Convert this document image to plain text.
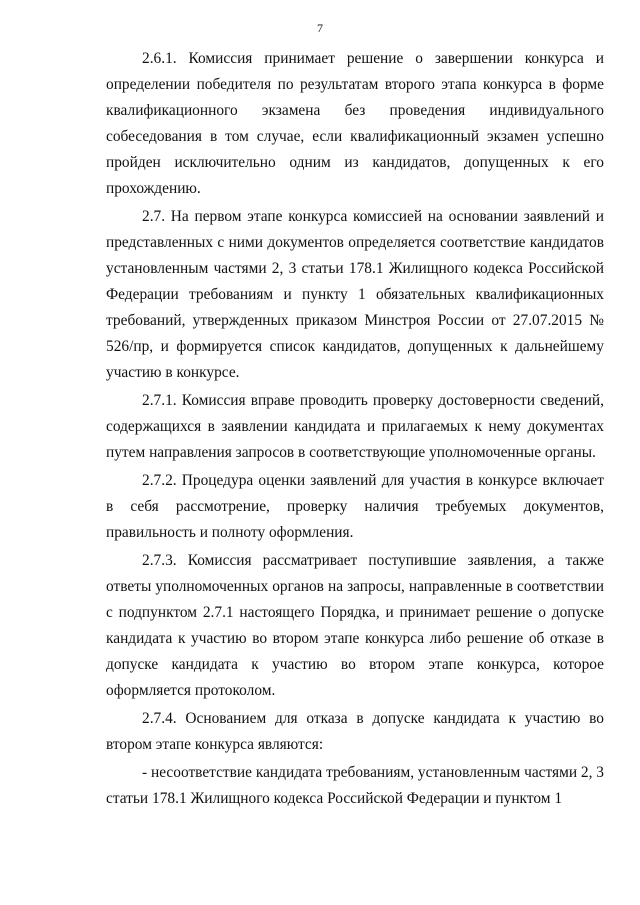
7

2.6.1. Комиссия принимает решение о завершении конкурса и определении победителя по результатам второго этапа конкурса в форме квалификационного экзамена без проведения индивидуального собеседования в том случае, если квалификационный экзамен успешно пройден исключительно одним из кандидатов, допущенных к его прохождению.

2.7. На первом этапе конкурса комиссией на основании заявлений и представленных с ними документов определяется соответствие кандидатов установленным частями 2, 3 статьи 178.1 Жилищного кодекса Российской Федерации требованиям и пункту 1 обязательных квалификационных требований, утвержденных приказом Минстроя России от 27.07.2015 № 526/пр, и формируется список кандидатов, допущенных к дальнейшему участию в конкурсе.

2.7.1. Комиссия вправе проводить проверку достоверности сведений, содержащихся в заявлении кандидата и прилагаемых к нему документах путем направления запросов в соответствующие уполномоченные органы.

2.7.2. Процедура оценки заявлений для участия в конкурсе включает в себя рассмотрение, проверку наличия требуемых документов, правильность и полноту оформления.

2.7.3. Комиссия рассматривает поступившие заявления, а также ответы уполномоченных органов на запросы, направленные в соответствии с подпунктом 2.7.1 настоящего Порядка, и принимает решение о допуске кандидата к участию во втором этапе конкурса либо решение об отказе в допуске кандидата к участию во втором этапе конкурса, которое оформляется протоколом.

2.7.4. Основанием для отказа в допуске кандидата к участию во втором этапе конкурса являются:

- несоответствие кандидата требованиям, установленным частями 2, 3 статьи 178.1 Жилищного кодекса Российской Федерации и пунктом 1
